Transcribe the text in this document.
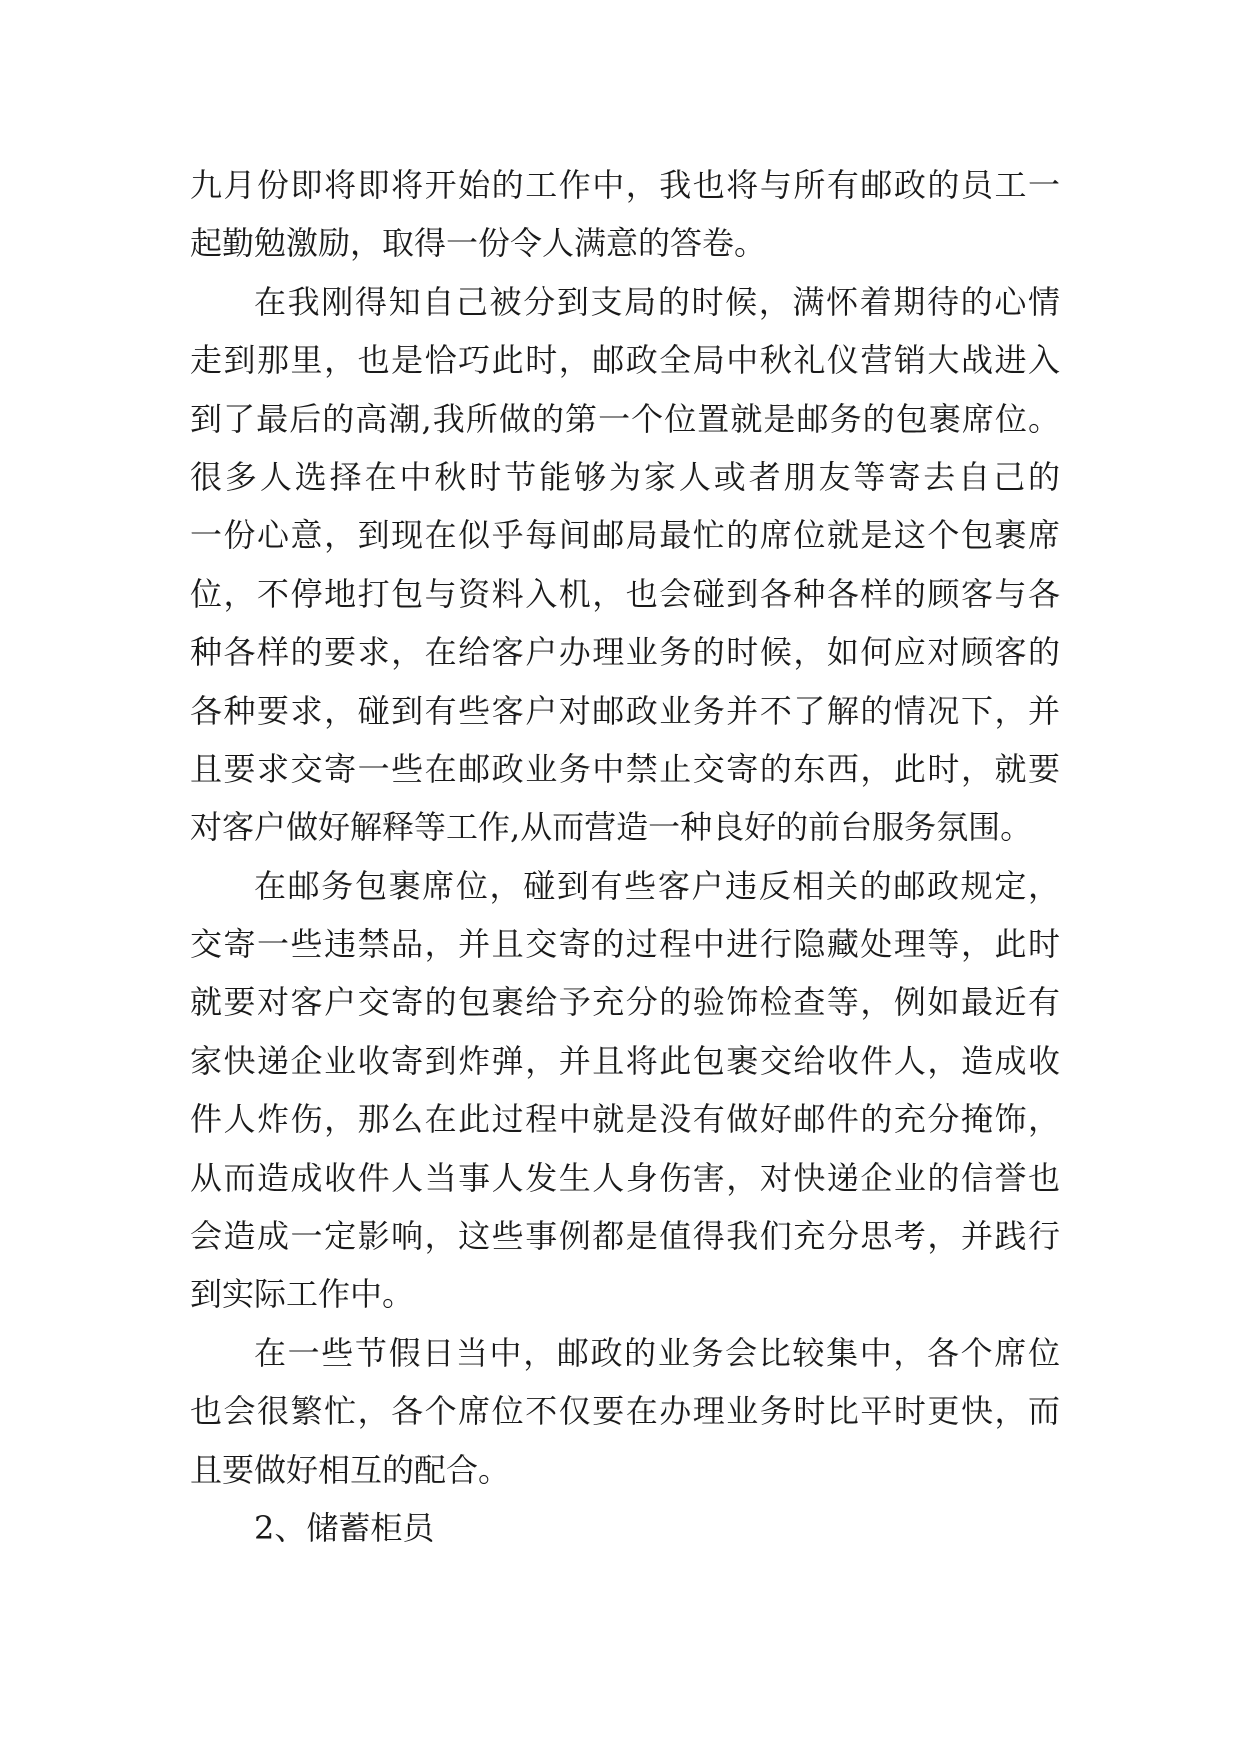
九月份即将即将开始的工作中，我也将与所有邮政的员工一
起勤勉激励，取得一份令人满意的答卷。
在我刚得知自己被分到支局的时候，满怀着期待的心情
走到那里，也是恰巧此时，邮政全局中秋礼仪营销大战进入
到了最后的高潮,我所做的第一个位置就是邮务的包裹席位。
很多人选择在中秋时节能够为家人或者朋友等寄去自己的
一份心意，到现在似乎每间邮局最忙的席位就是这个包裹席
位，不停地打包与资料入机，也会碰到各种各样的顾客与各
种各样的要求，在给客户办理业务的时候，如何应对顾客的
各种要求，碰到有些客户对邮政业务并不了解的情况下，并
且要求交寄一些在邮政业务中禁止交寄的东西，此时，就要
对客户做好解释等工作,从而营造一种良好的前台服务氛围。
在邮务包裹席位，碰到有些客户违反相关的邮政规定，
交寄一些违禁品，并且交寄的过程中进行隐藏处理等，此时
就要对客户交寄的包裹给予充分的验饰检查等，例如最近有
家快递企业收寄到炸弹，并且将此包裹交给收件人，造成收
件人炸伤，那么在此过程中就是没有做好邮件的充分掩饰，
从而造成收件人当事人发生人身伤害，对快递企业的信誉也
会造成一定影响，这些事例都是值得我们充分思考，并践行
到实际工作中。
在一些节假日当中，邮政的业务会比较集中，各个席位
也会很繁忙，各个席位不仅要在办理业务时比平时更快，而
且要做好相互的配合。
2、储蓄柜员
